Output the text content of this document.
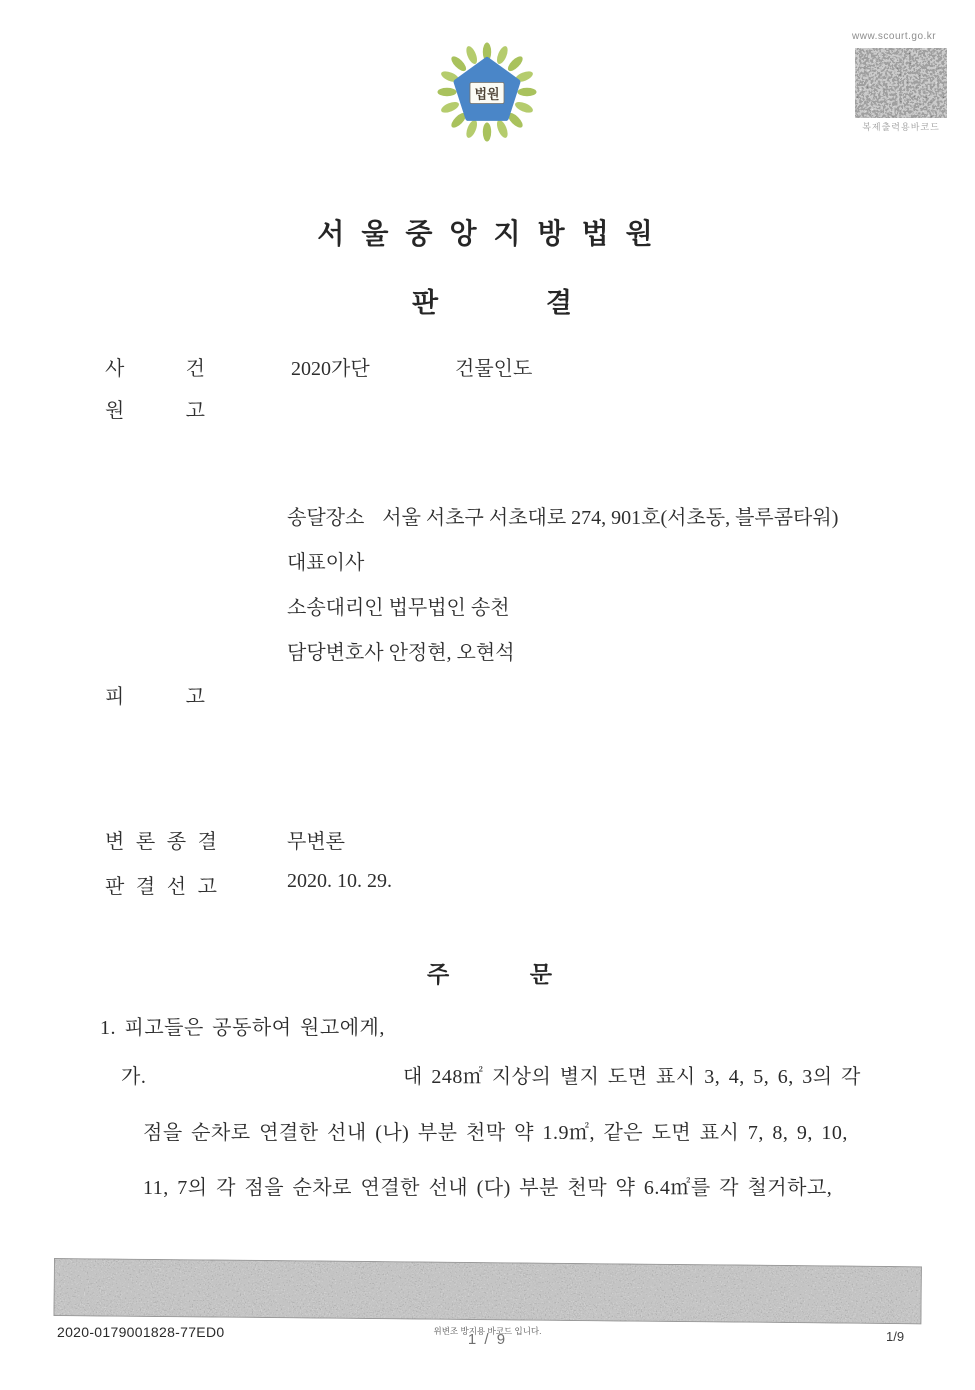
법원
www.scourt.go.kr
복제출력용바코드
서 울 중 앙 지 방 법 원
판	결
사	건	2020가단	건물인도
원	고
송달장소 서울 서초구 서초대로 274, 901호(서초동, 블루콤타워)
대표이사
소송대리인 법무법인 송천
담당변호사 안정현, 오현석
피	고
변 론 종 결	무변론
판 결 선 고	2020. 10. 29.
주	문
1. 피고들은 공동하여 원고에게,
가.	대 248㎡ 지상의 별지 도면 표시 3, 4, 5, 6, 3의 각
점을 순차로 연결한 선내 (나) 부분 천막 약 1.9㎡, 같은 도면 표시 7, 8, 9, 10,
11, 7의 각 점을 순차로 연결한 선내 (다) 부분 천막 약 6.4㎡를 각 철거하고,
2020-0179001828-77ED0	위변조 방지용 바코드 입니다.
1 / 9	1/9
